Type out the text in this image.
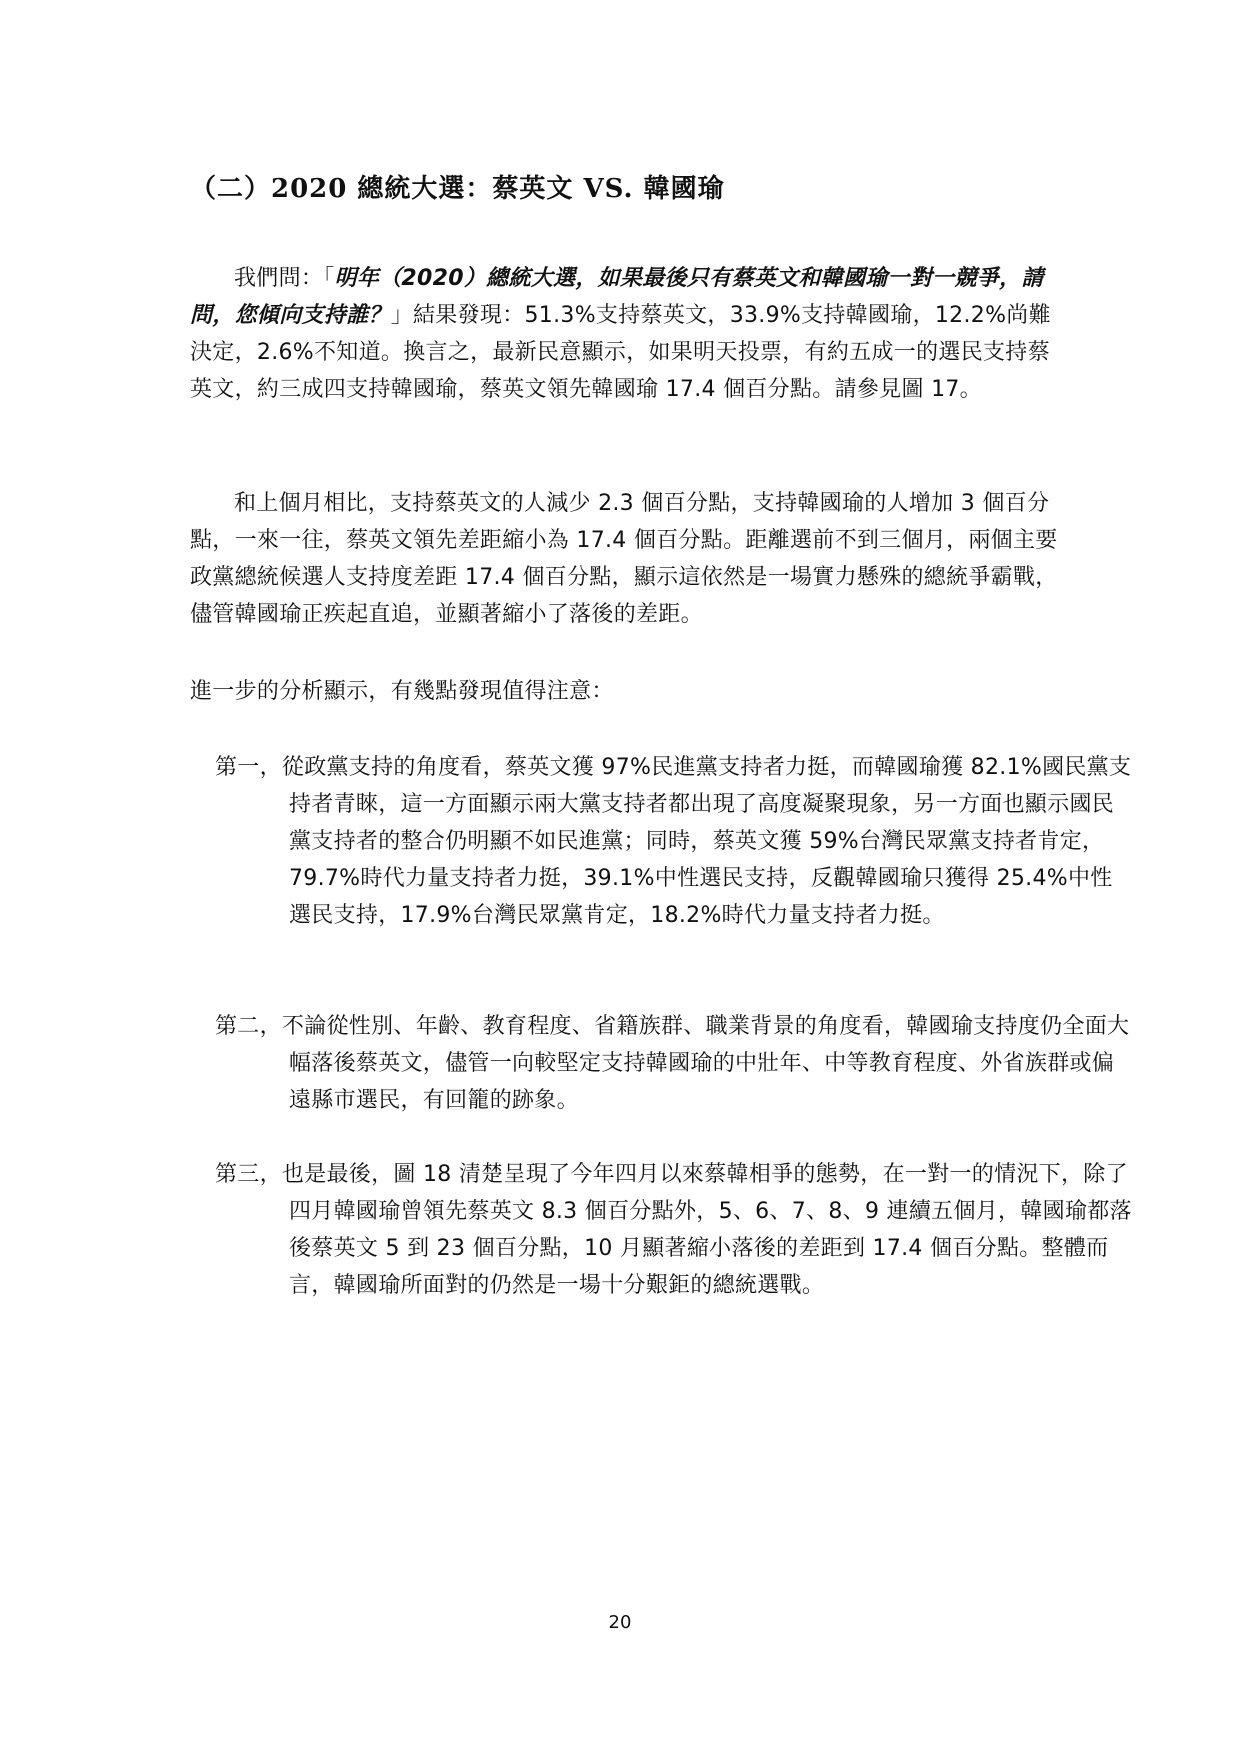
（二）2020 總統大選：蔡英文 VS. 韓國瑜

我們問：「明年（2020）總統大選，如果最後只有蔡英文和韓國瑜一對一競爭，請問，您傾向支持誰？」結果發現：51.3%支持蔡英文，33.9%支持韓國瑜，12.2%尚難決定，2.6%不知道。換言之，最新民意顯示，如果明天投票，有約五成一的選民支持蔡英文，約三成四支持韓國瑜，蔡英文領先韓國瑜 17.4 個百分點。請參見圖 17。

和上個月相比，支持蔡英文的人減少 2.3 個百分點，支持韓國瑜的人增加 3 個百分點，一來一往，蔡英文領先差距縮小為 17.4 個百分點。距離選前不到三個月，兩個主要政黨總統候選人支持度差距 17.4 個百分點，顯示這依然是一場實力懸殊的總統爭霸戰，儘管韓國瑜正疾起直追，並顯著縮小了落後的差距。

進一步的分析顯示，有幾點發現值得注意：

第一，從政黨支持的角度看，蔡英文獲 97%民進黨支持者力挺，而韓國瑜獲 82.1%國民黨支持者青睞，這一方面顯示兩大黨支持者都出現了高度凝聚現象，另一方面也顯示國民黨支持者的整合仍明顯不如民進黨；同時，蔡英文獲 59%台灣民眾黨支持者肯定，79.7%時代力量支持者力挺，39.1%中性選民支持，反觀韓國瑜只獲得 25.4%中性選民支持，17.9%台灣民眾黨肯定，18.2%時代力量支持者力挺。

第二，不論從性別、年齡、教育程度、省籍族群、職業背景的角度看，韓國瑜支持度仍全面大幅落後蔡英文，儘管一向較堅定支持韓國瑜的中壯年、中等教育程度、外省族群或偏遠縣市選民，有回籠的跡象。

第三，也是最後，圖 18 清楚呈現了今年四月以來蔡韓相爭的態勢，在一對一的情況下，除了四月韓國瑜曾領先蔡英文 8.3 個百分點外，5、6、7、8、9 連續五個月，韓國瑜都落後蔡英文 5 到 23 個百分點，10 月顯著縮小落後的差距到 17.4 個百分點。整體而言，韓國瑜所面對的仍然是一場十分艱鉅的總統選戰。

20
